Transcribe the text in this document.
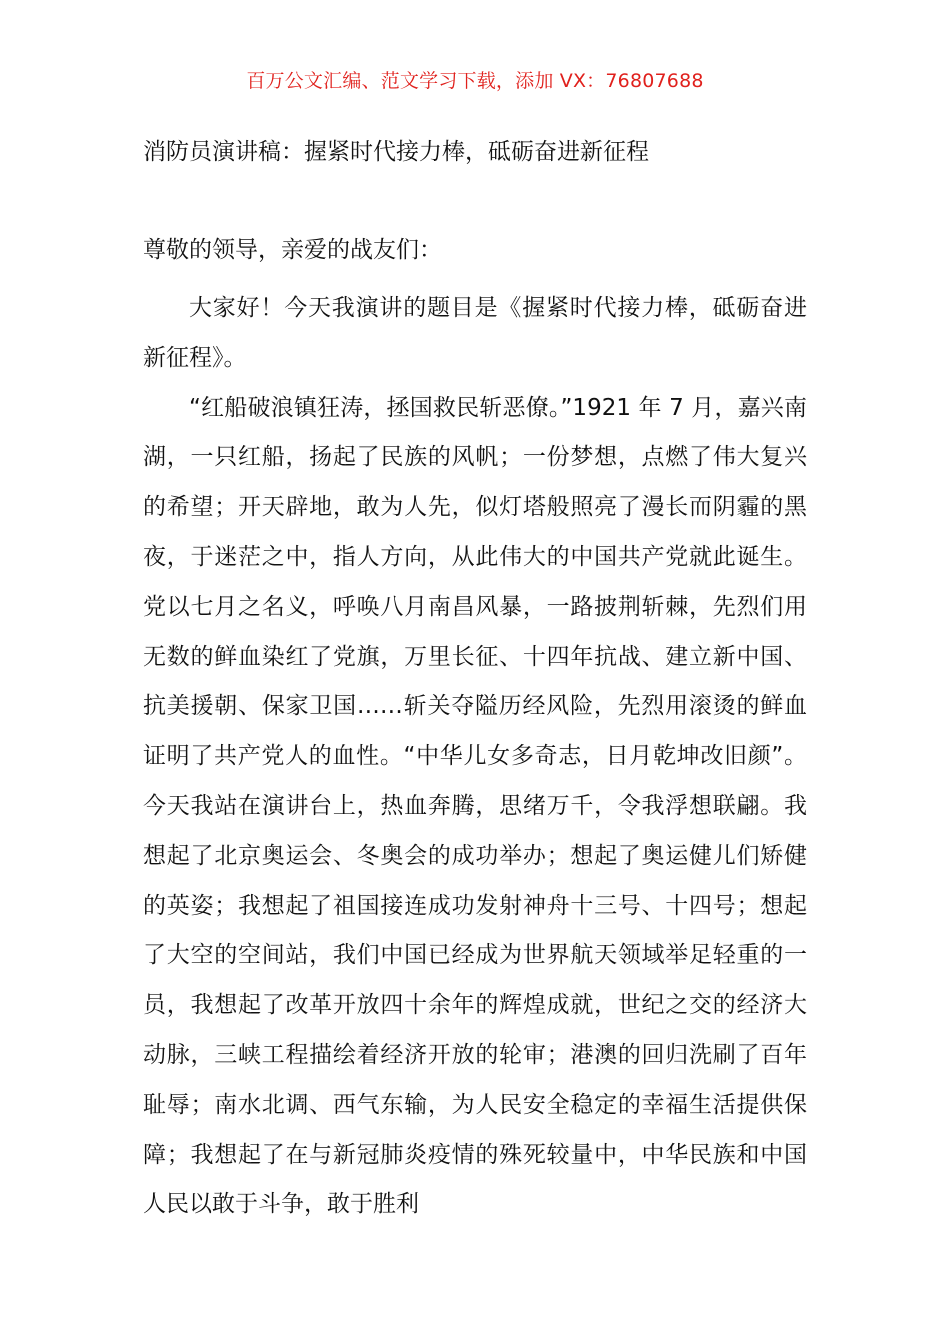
百万公文汇编、范文学习下载，添加 VX：76807688
消防员演讲稿：握紧时代接力棒，砥砺奋进新征程
尊敬的领导，亲爱的战友们：

大家好！今天我演讲的题目是《握紧时代接力棒，砥砺奋进新征程》。

“红船破浪镇狂涛，拯国救民斩恶僚。”1921 年 7 月，嘉兴南湖，一只红船，扬起了民族的风帆；一份梦想，点燃了伟大复兴的希望；开天辟地，敢为人先，似灯塔般照亮了漫长而阴霾的黑夜，于迷茫之中，指人方向，从此伟大的中国共产党就此诞生。党以七月之名义，呼唤八月南昌风暴，一路披荆斩棘，先烈们用无数的鲜血染红了党旗，万里长征、十四年抗战、建立新中国、抗美援朝、保家卫国……斩关夺隘历经风险，先烈用滚烫的鲜血证明了共产党人的血性。“中华儿女多奇志，日月乾坤改旧颜”。今天我站在演讲台上，热血奔腾，思绪万千，令我浮想联翩。我想起了北京奥运会、冬奥会的成功举办；想起了奥运健儿们矫健的英姿；我想起了祖国接连成功发射神舟十三号、十四号；想起了大空的空间站，我们中国已经成为世界航天领域举足轻重的一员，我想起了改革开放四十余年的辉煌成就，世纪之交的经济大动脉，三峡工程描绘着经济开放的轮审；港澳的回归洗刷了百年耻辱；南水北调、西气东输，为人民安全稳定的幸福生活提供保障；我想起了在与新冠肺炎疫情的殊死较量中，中华民族和中国人民以敢于斗争，敢于胜利
